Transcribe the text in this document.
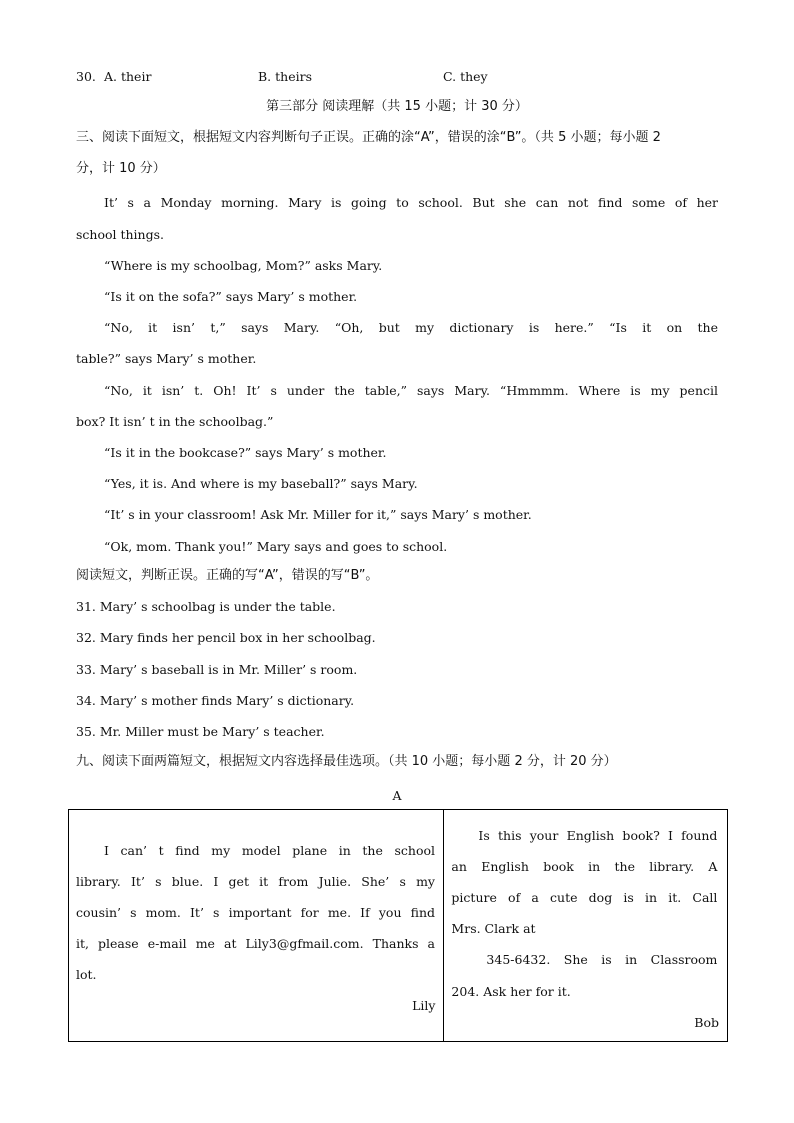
30. A. their	B. theirs	C. they
第三部分 阅读理解（共 15 小题；计 30 分）
三、阅读下面短文，根据短文内容判断句子正误。正确的涂“A”，错误的涂“B”。（共 5 小题；每小题 2
分，计 10 分）
It’ s a Monday morning. Mary is going to school. But she can not find some of her
school things.
“Where is my schoolbag, Mom?” asks Mary.
“Is it on the sofa?” says Mary’ s mother.
“No, it isn’ t,” says Mary. “Oh, but my dictionary is here.” “Is it on the
table?” says Mary’ s mother.
“No, it isn’ t. Oh! It’ s under the table,” says Mary. “Hmmmm. Where is my pencil
box? It isn’ t in the schoolbag.”
“Is it in the bookcase?” says Mary’ s mother.
“Yes, it is. And where is my baseball?” says Mary.
“It’ s in your classroom! Ask Mr. Miller for it,” says Mary’ s mother.
“Ok, mom. Thank you!” Mary says and goes to school.
阅读短文，判断正误。正确的写“A”，错误的写“B”。
31. Mary’ s schoolbag is under the table.
32. Mary finds her pencil box in her schoolbag.
33. Mary’ s baseball is in Mr. Miller’ s room.
34. Mary’ s mother finds Mary’ s dictionary.
35. Mr. Miller must be Mary’ s teacher.
九、阅读下面两篇短文，根据短文内容选择最佳选项。（共 10 小题；每小题 2 分，计 20 分）
A
I can’ t find my model plane in the school
library. It’ s blue. I get it from Julie. She’ s my
cousin’ s mom. It’ s important for me. If you find
it, please e-mail me at Lily3@gfmail.com. Thanks a
lot.
Lily

Is this your English book? I found
an English book in the library. A
picture of a cute dog is in it. Call
Mrs. Clark at
345-6432. She is in Classroom
204. Ask her for it.
Bob
